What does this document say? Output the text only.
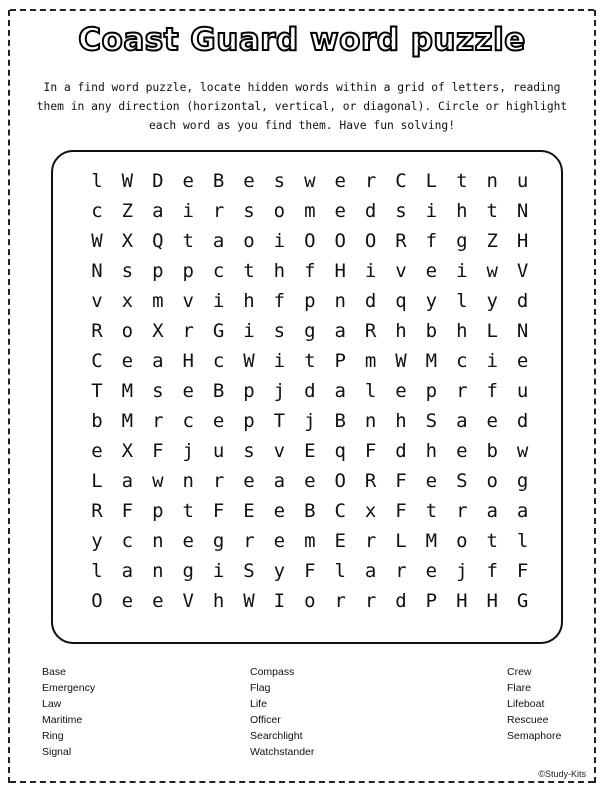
Coast Guard word puzzle
In a find word puzzle, locate hidden words within a grid of letters, reading them in any direction (horizontal, vertical, or diagonal). Circle or highlight each word as you find them. Have fun solving!
l W D e B e s w e r C L t n u
c Z a i r s o m e d s i h t N
W X Q t a o i O O O R f g Z H
N s p p c t h f H i v e i w V
v x m v i h f p n d q y l y d
R o X r G i s g a R h b h L N
C e a H c W i t P m W M c i e
T M s e B p j d a l e p r f u
b M r c e p T j B n h S a e d
e X F j u s v E q F d h e b w
L a w n r e a e O R F e S o g
R F p t F E e B C x F t r a a
y c n e g r e m E r L M o t l
l a n g i S y F l a r e j f F
O e e V h W I o r r d P H H G
Base
Emergency
Law
Maritime
Ring
Signal
Compass
Flag
Life
Officer
Searchlight
Watchstander
Crew
Flare
Lifeboat
Rescuee
Semaphore
©Study-Kits
